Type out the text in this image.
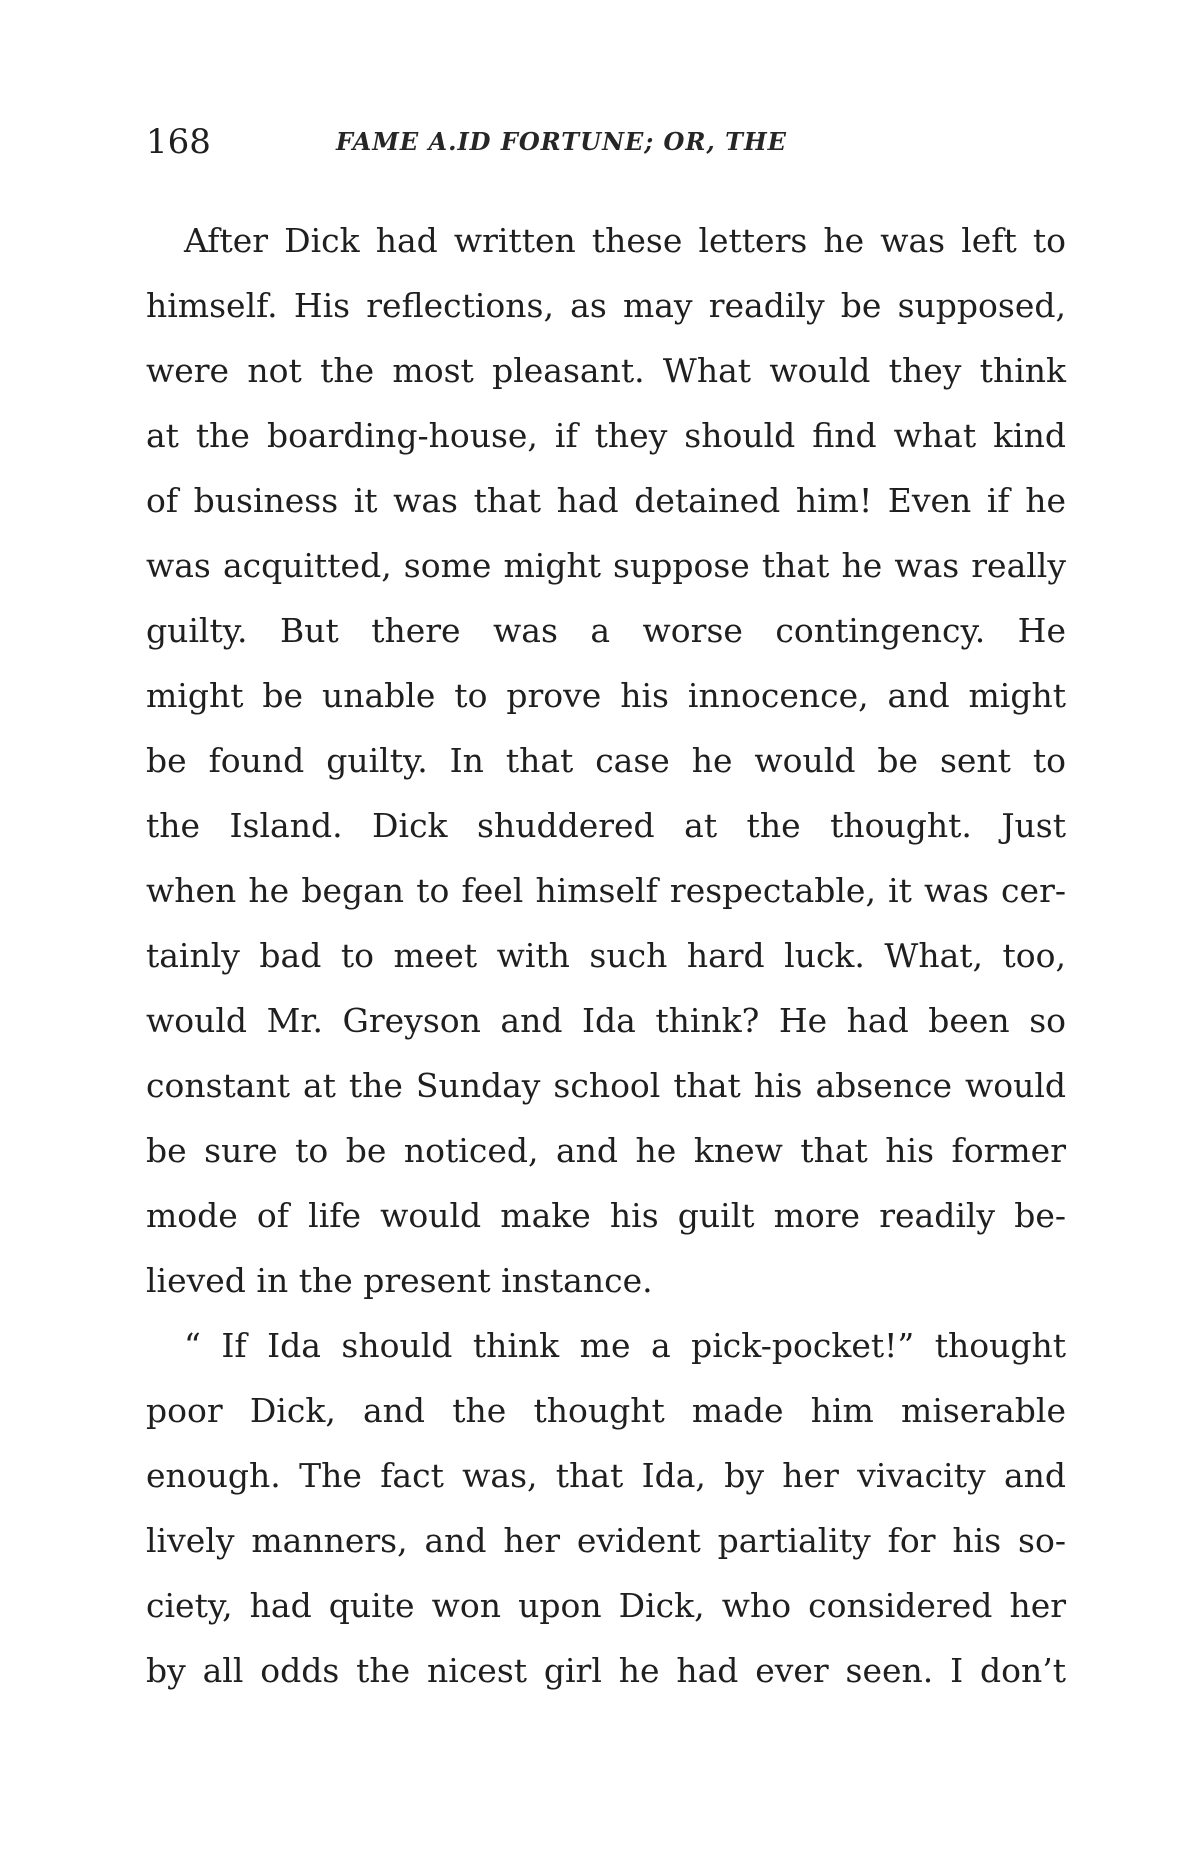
168	FAME A.ID FORTUNE; OR, THE
After Dick had written these letters he was left to
himself. His reflections, as may readily be supposed,
were not the most pleasant. What would they think
at the boarding-house, if they should find what kind
of business it was that had detained him! Even if he
was acquitted, some might suppose that he was really
guilty. But there was a worse contingency. He
might be unable to prove his innocence, and might
be found guilty. In that case he would be sent to
the Island. Dick shuddered at the thought. Just
when he began to feel himself respectable, it was cer-
tainly bad to meet with such hard luck. What, too,
would Mr. Greyson and Ida think? He had been so
constant at the Sunday school that his absence would
be sure to be noticed, and he knew that his former
mode of life would make his guilt more readily be-
lieved in the present instance.
“ If Ida should think me a pick-pocket!” thought
poor Dick, and the thought made him miserable
enough. The fact was, that Ida, by her vivacity and
lively manners, and her evident partiality for his so-
ciety, had quite won upon Dick, who considered her
by all odds the nicest girl he had ever seen. I don’t
